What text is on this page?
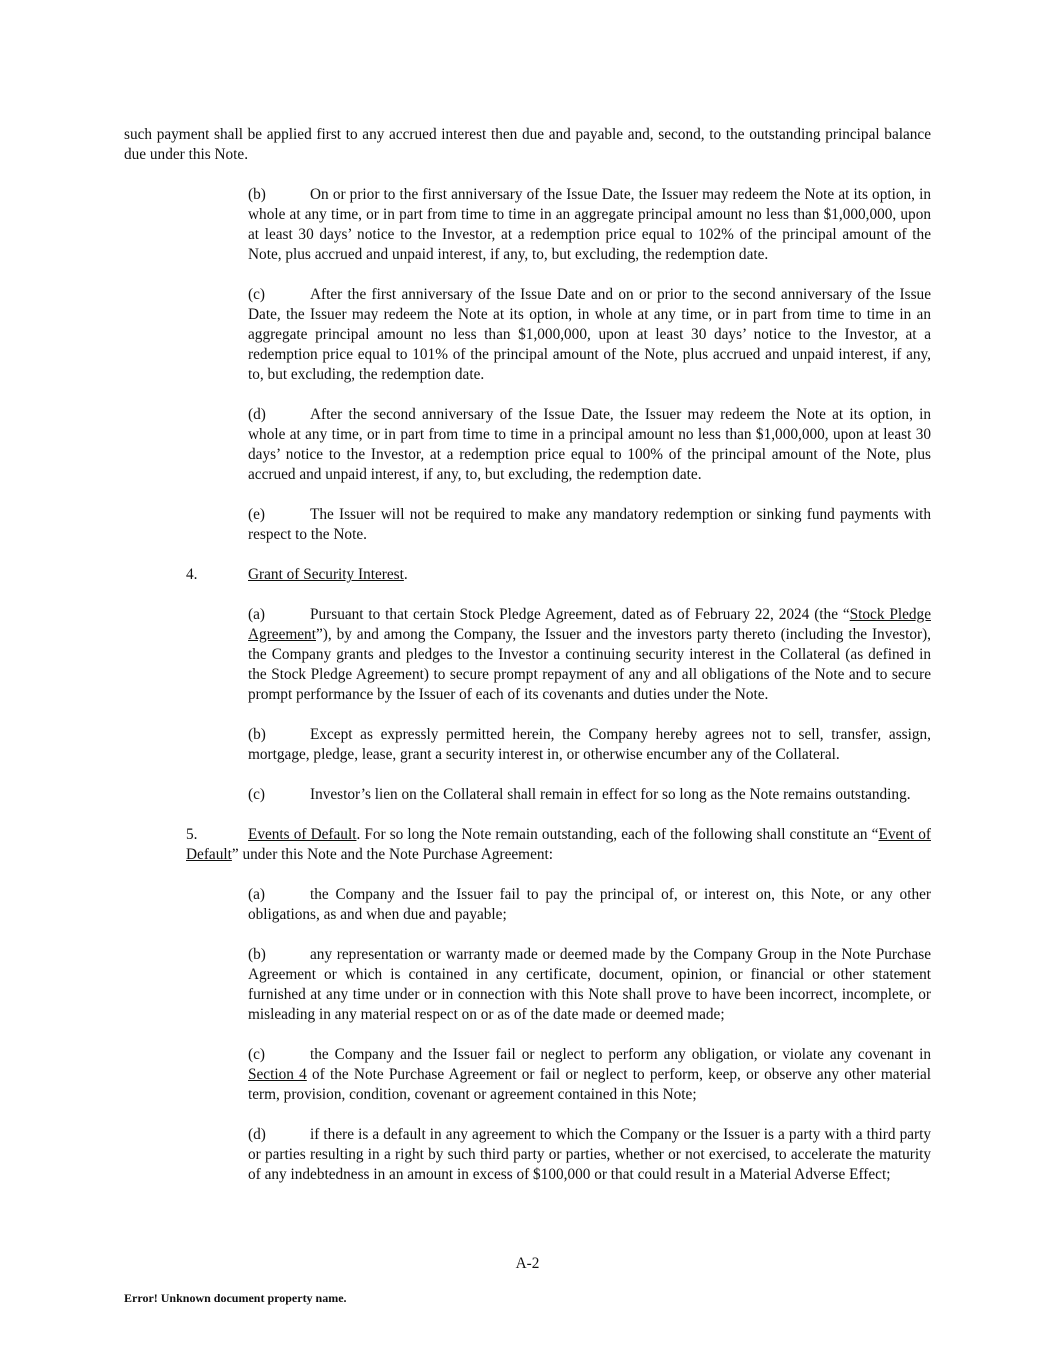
such payment shall be applied first to any accrued interest then due and payable and, second, to the outstanding principal balance due under this Note.

(b)	On or prior to the first anniversary of the Issue Date, the Issuer may redeem the Note at its option, in whole at any time, or in part from time to time in an aggregate principal amount no less than $1,000,000, upon at least 30 days’ notice to the Investor, at a redemption price equal to 102% of the principal amount of the Note, plus accrued and unpaid interest, if any, to, but excluding, the redemption date.

(c)	After the first anniversary of the Issue Date and on or prior to the second anniversary of the Issue Date, the Issuer may redeem the Note at its option, in whole at any time, or in part from time to time in an aggregate principal amount no less than $1,000,000, upon at least 30 days’ notice to the Investor, at a redemption price equal to 101% of the principal amount of the Note, plus accrued and unpaid interest, if any, to, but excluding, the redemption date.

(d)	After the second anniversary of the Issue Date, the Issuer may redeem the Note at its option, in whole at any time, or in part from time to time in a principal amount no less than $1,000,000, upon at least 30 days’ notice to the Investor, at a redemption price equal to 100% of the principal amount of the Note, plus accrued and unpaid interest, if any, to, but excluding, the redemption date.

(e)	The Issuer will not be required to make any mandatory redemption or sinking fund payments with respect to the Note.

4.	Grant of Security Interest.

(a)	Pursuant to that certain Stock Pledge Agreement, dated as of February 22, 2024 (the “Stock Pledge Agreement”), by and among the Company, the Issuer and the investors party thereto (including the Investor), the Company grants and pledges to the Investor a continuing security interest in the Collateral (as defined in the Stock Pledge Agreement) to secure prompt repayment of any and all obligations of the Note and to secure prompt performance by the Issuer of each of its covenants and duties under the Note.

(b)	Except as expressly permitted herein, the Company hereby agrees not to sell, transfer, assign, mortgage, pledge, lease, grant a security interest in, or otherwise encumber any of the Collateral.

(c)	Investor’s lien on the Collateral shall remain in effect for so long as the Note remains outstanding.

5.	Events of Default. For so long the Note remain outstanding, each of the following shall constitute an “Event of Default” under this Note and the Note Purchase Agreement:

(a)	the Company and the Issuer fail to pay the principal of, or interest on, this Note, or any other obligations, as and when due and payable;

(b)	any representation or warranty made or deemed made by the Company Group in the Note Purchase Agreement or which is contained in any certificate, document, opinion, or financial or other statement furnished at any time under or in connection with this Note shall prove to have been incorrect, incomplete, or misleading in any material respect on or as of the date made or deemed made;

(c)	the Company and the Issuer fail or neglect to perform any obligation, or violate any covenant in Section 4 of the Note Purchase Agreement or fail or neglect to perform, keep, or observe any other material term, provision, condition, covenant or agreement contained in this Note;

(d)	if there is a default in any agreement to which the Company or the Issuer is a party with a third party or parties resulting in a right by such third party or parties, whether or not exercised, to accelerate the maturity of any indebtedness in an amount in excess of $100,000 or that could result in a Material Adverse Effect;

A-2
Error! Unknown document property name.
